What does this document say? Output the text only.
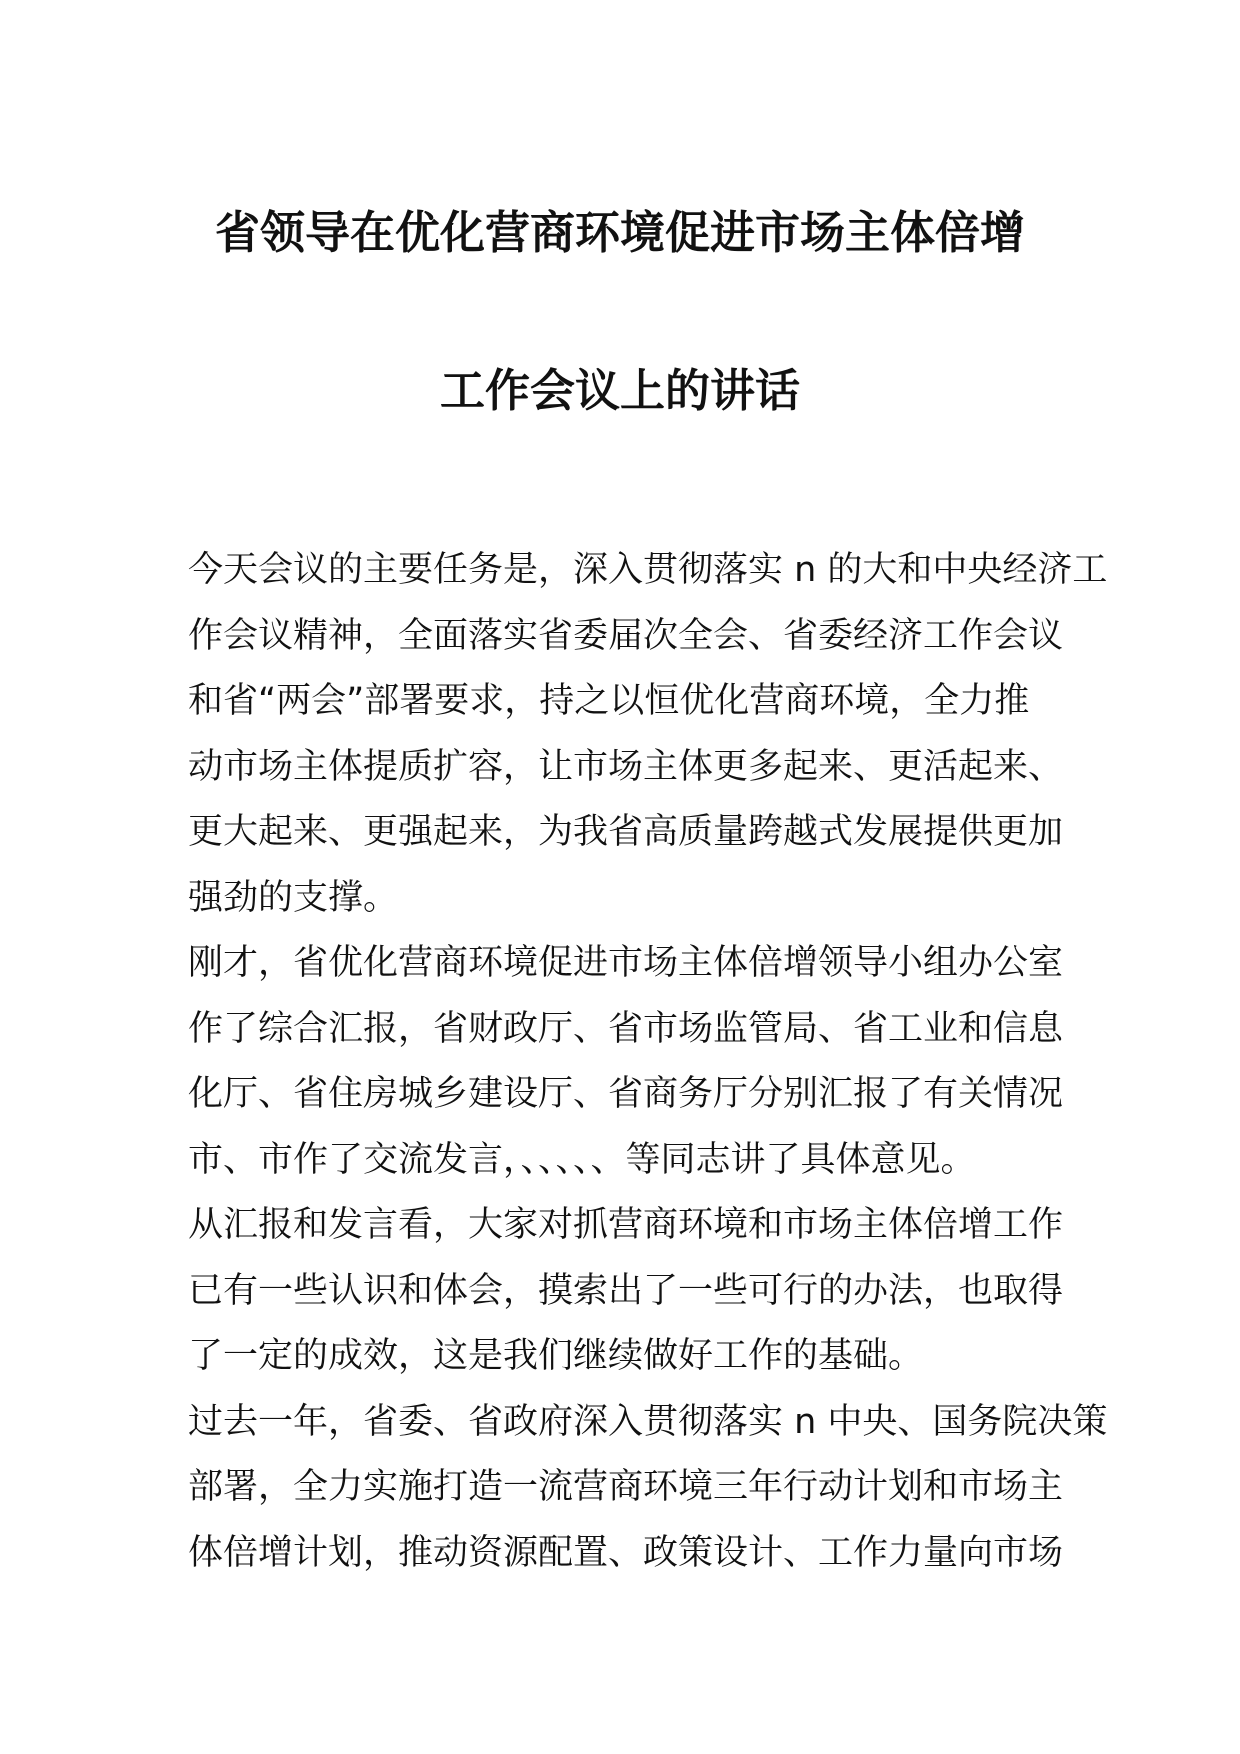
省领导在优化营商环境促进市场主体倍增
工作会议上的讲话
今天会议的主要任务是，深入贯彻落实 n 的大和中央经济工
作会议精神，全面落实省委届次全会、省委经济工作会议
和省“两会”部署要求，持之以恒优化营商环境，全力推
动市场主体提质扩容，让市场主体更多起来、更活起来、
更大起来、更强起来，为我省高质量跨越式发展提供更加
强劲的支撑。
刚才，省优化营商环境促进市场主体倍增领导小组办公室
作了综合汇报，省财政厅、省市场监管局、省工业和信息
化厅、省住房城乡建设厅、省商务厅分别汇报了有关情况
市、市作了交流发言，、、、、、等同志讲了具体意见。
从汇报和发言看，大家对抓营商环境和市场主体倍增工作
已有一些认识和体会，摸索出了一些可行的办法，也取得
了一定的成效，这是我们继续做好工作的基础。
过去一年，省委、省政府深入贯彻落实 n 中央、国务院决策
部署，全力实施打造一流营商环境三年行动计划和市场主
体倍增计划，推动资源配置、政策设计、工作力量向市场
